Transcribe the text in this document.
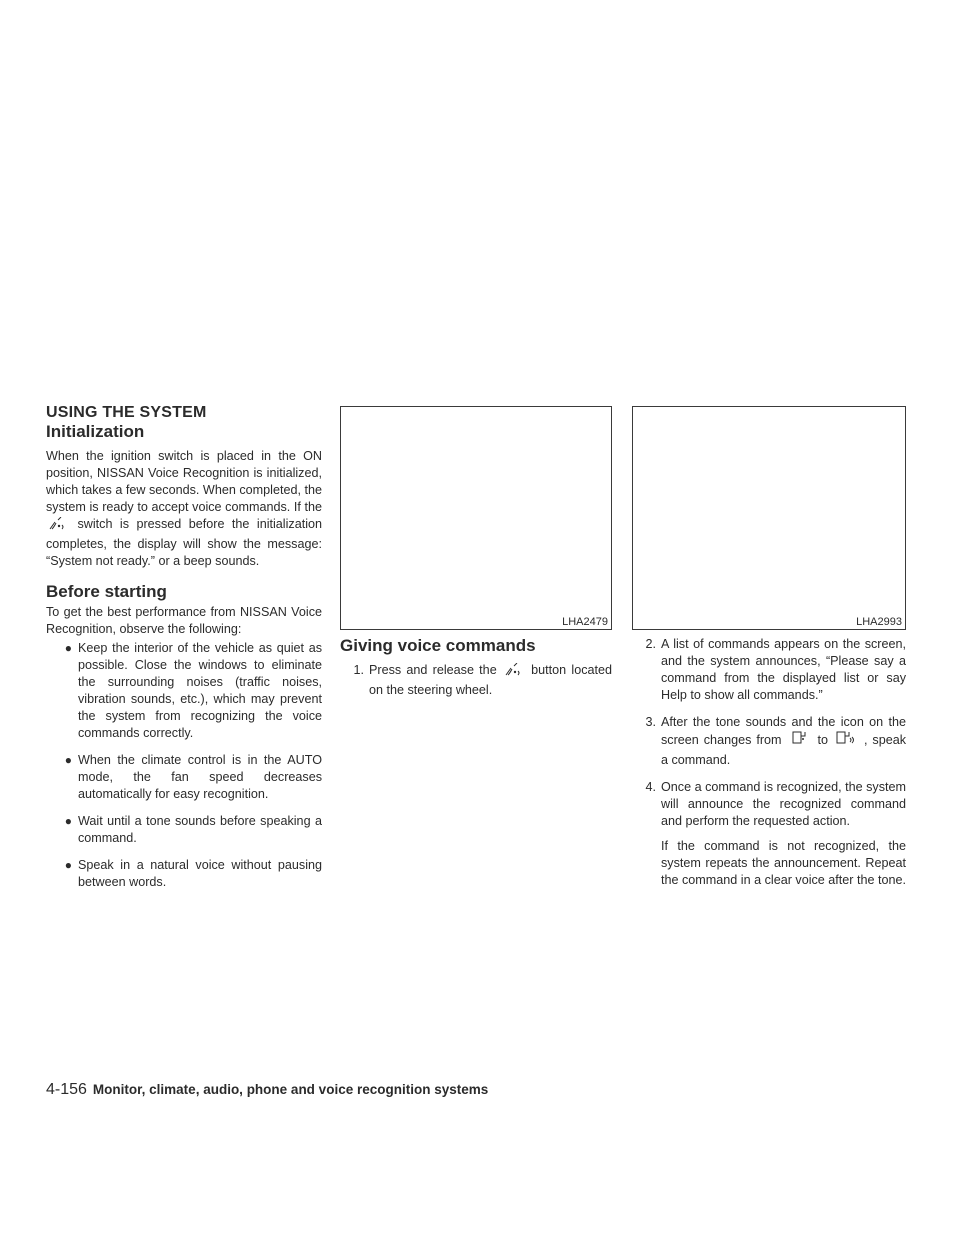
USING THE SYSTEM
Initialization

When the ignition switch is placed in the ON position, NISSAN Voice Recognition is initialized, which takes a few seconds. When completed, the system is ready to accept voice commands. If the  switch is pressed before the initialization completes, the display will show the message: “System not ready.” or a beep sounds.

Before starting

To get the best performance from NISSAN Voice Recognition, observe the following:

● Keep the interior of the vehicle as quiet as possible. Close the windows to eliminate the surrounding noises (traffic noises, vibration sounds, etc.), which may prevent the system from recognizing the voice commands correctly.
● When the climate control is in the AUTO mode, the fan speed decreases automatically for easy recognition.
● Wait until a tone sounds before speaking a command.
● Speak in a natural voice without pausing between words.
LHA2479
Giving voice commands
1. Press and release the	button located on the steering wheel.
LHA2993
2. A list of commands appears on the screen, and the system announces, “Please say a command from the displayed list or say Help to show all commands.”
3. After the tone sounds and the icon on the screen changes from	to	, speak a command.
4. Once a command is recognized, the system will announce the recognized command and perform the requested action.

If the command is not recognized, the system repeats the announcement. Repeat the command in a clear voice after the tone.

4-156 Monitor, climate, audio, phone and voice recognition systems
